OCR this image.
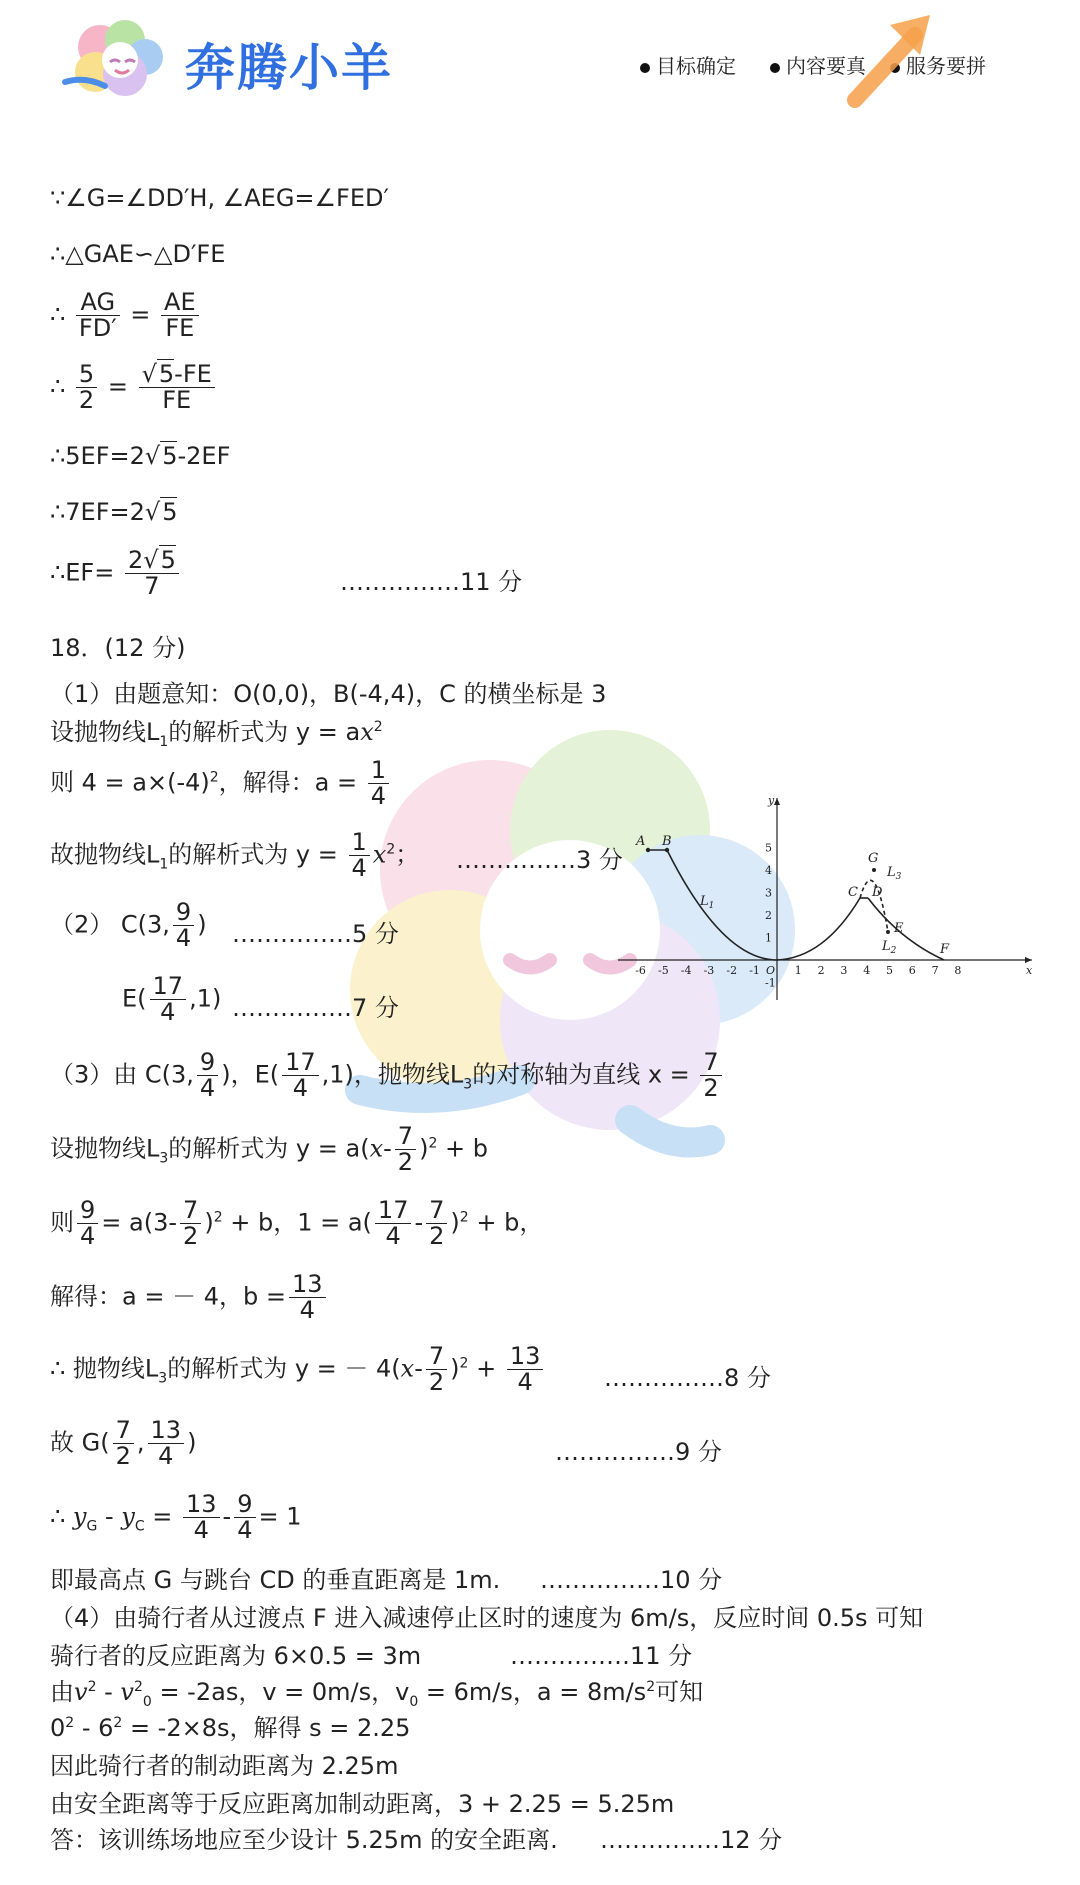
奔腾小羊	目标确定	内容要真	服务要拼
∵∠G=∠DD′H, ∠AEG=∠FED′
∴△GAE∽△D′FE
∴ $\frac{AG}{FD'} = \frac{AE}{FE}$
∴ $\frac{5}{2} = \frac{√5-FE}{FE}$
∴5EF=2√5-2EF
∴7EF=2√5
∴EF= $\frac{2√5}{7}$	……………11 分
18．(12 分)
（1）由题意知：O(0,0)，B(-4,4)，C 的横坐标是 3
设抛物线$L_1$的解析式为 $y = ax^2$
则 $4 = a\times(-4)^2$，解得：$a = \frac{1}{4}$
故抛物线$L_1$的解析式为 $y = \frac{1}{4} x^2$； ……………3 分
（2） C(3, $\frac{9}{4}$ ) ……………5 分
$E( \frac{17}{4} ,1)$ ……………7 分
（3）由 C(3, $\frac{9}{4}$ )，$E( \frac{17}{4} ,1)$，抛物线$L_3$的对称轴为直线 $x = \frac{7}{2}$
设抛物线$L_3$的解析式为 $y = a(x- \frac{7}{2} )^2 + b$
则 $\frac{9}{4} = a(3- \frac{7}{2} )^2 + b$，$1 = a( \frac{17}{4} - \frac{7}{2} )^2 + b$，
解得：a = － 4，$b = \frac{13}{4}$
∴ 抛物线$L_3$的解析式为 y = － $4(x- \frac{7}{2} )^2 + \frac{13}{4}$	……………8 分
故 $G( \frac{7}{2}$ , $\frac{13}{4}$ )	……………9 分
∴ $y_G - y_C = \frac{13}{4} - \frac{9}{4} = 1$
即最高点 G 与跳台 CD 的垂直距离是 1m. ……………10 分
（4）由骑行者从过渡点 F 进入减速停止区时的速度为 6m/s，反应时间 0.5s 可知
骑行者的反应距离为 6×0.5 = 3m	……………11 分
由$v^2 - v^2_0 = -2as$，v = 0m/s，$v_0 = 6m/s$，$a = 8m/s^2$可知
$0^2 - 6^2 = -2\times 8s$，解得 s = 2.25
因此骑行者的制动距离为 2.25m
由安全距离等于反应距离加制动距离，3 + 2.25 = 5.25m
答：该训练场地应至少设计 5.25m 的安全距离. ……………12 分
-6 -5 -4 -3 -2 -1 O 1 2 3 4 5 6 7 8	x
y
5
4
3
2
1
-1
A B
$L_1$
G
$L_3$
C D
E
$L_2$	F
